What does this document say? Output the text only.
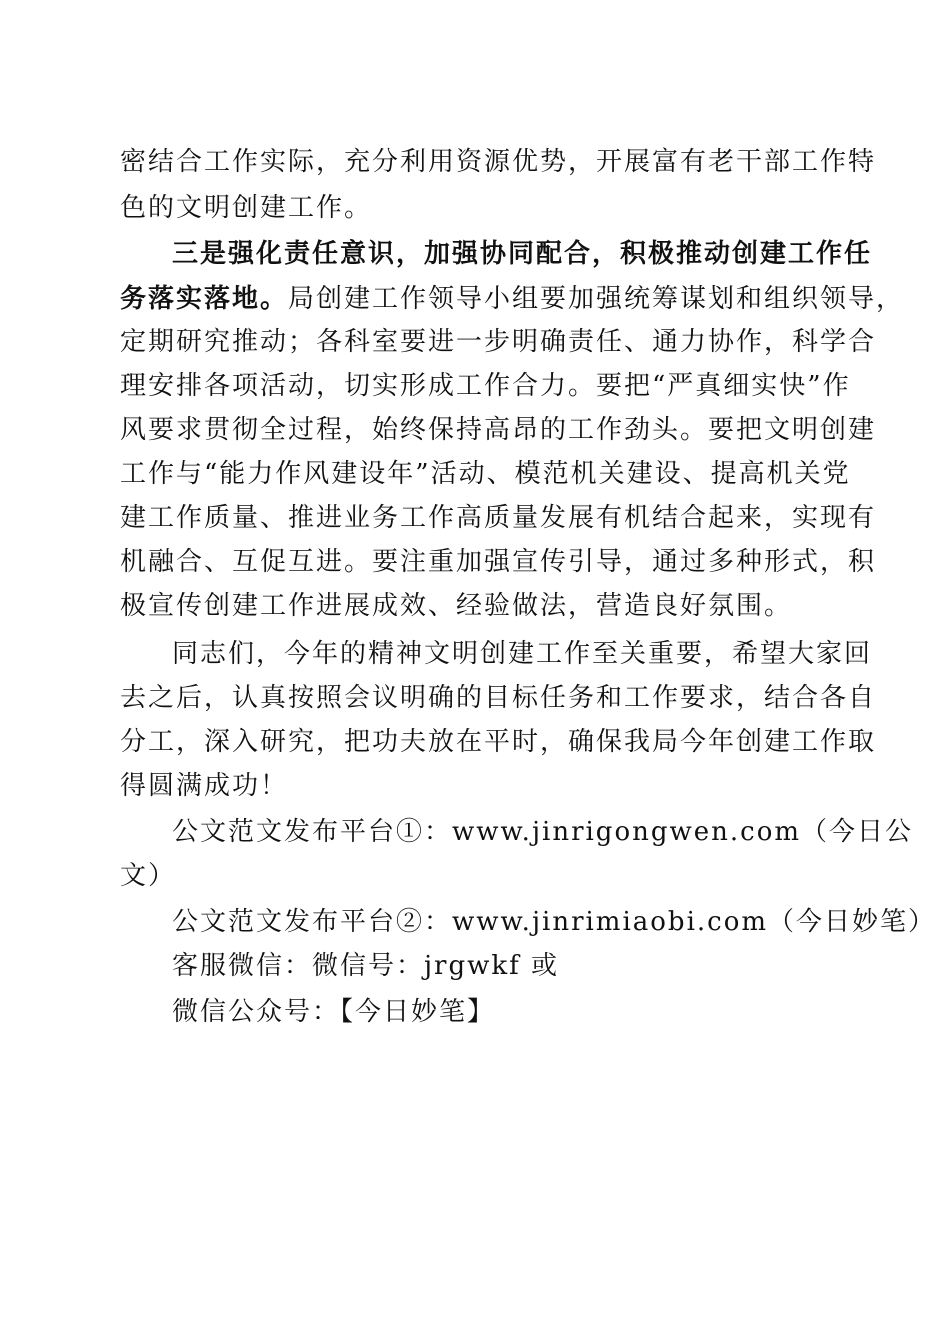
密结合工作实际，充分利用资源优势，开展富有老干部工作特
色的文明创建工作。
三是强化责任意识，加强协同配合，积极推动创建工作任
务落实落地。局创建工作领导小组要加强统筹谋划和组织领导，
定期研究推动；各科室要进一步明确责任、通力协作，科学合
理安排各项活动，切实形成工作合力。要把“严真细实快”作
风要求贯彻全过程，始终保持高昂的工作劲头。要把文明创建
工作与“能力作风建设年”活动、模范机关建设、提高机关党
建工作质量、推进业务工作高质量发展有机结合起来，实现有
机融合、互促互进。要注重加强宣传引导，通过多种形式，积
极宣传创建工作进展成效、经验做法，营造良好氛围。
同志们，今年的精神文明创建工作至关重要，希望大家回
去之后，认真按照会议明确的目标任务和工作要求，结合各自
分工，深入研究，把功夫放在平时，确保我局今年创建工作取
得圆满成功！
公文范文发布平台①：www.jinrigongwen.com（今日公
文）
公文范文发布平台②：www.jinrimiaobi.com（今日妙笔）
客服微信：微信号：jrgwkf 或
微信公众号：【今日妙笔】
